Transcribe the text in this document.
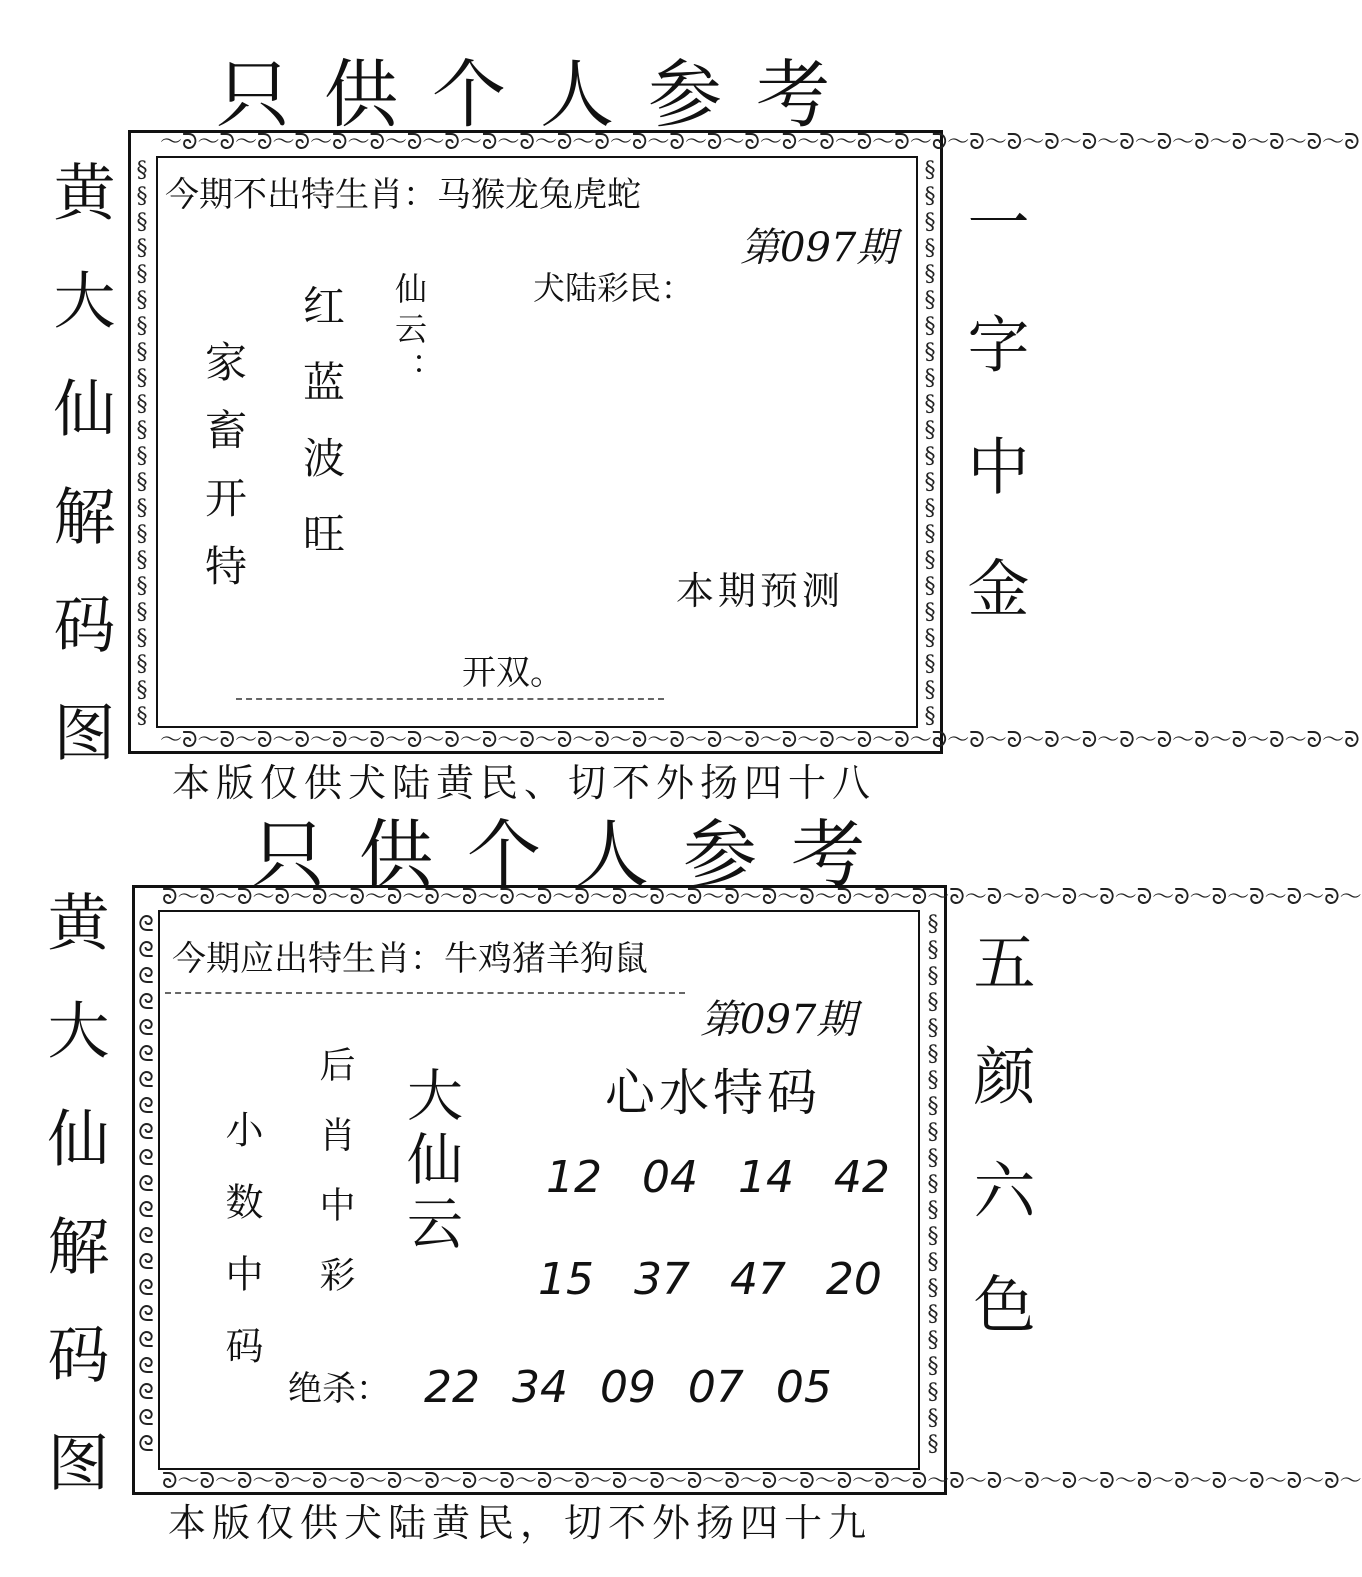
只供个人参考
黄大仙解码图	一字中金
〜ᘐ〜ᘐ〜ᘐ〜ᘐ〜ᘐ〜ᘐ〜ᘐ〜ᘐ〜ᘐ〜ᘐ〜ᘐ〜ᘐ〜ᘐ〜ᘐ〜ᘐ〜ᘐ〜ᘐ〜ᘐ〜ᘐ〜ᘐ〜ᘐ〜ᘐ〜ᘐ〜ᘐ〜ᘐ〜ᘐ〜ᘐ〜ᘐ〜ᘐ〜ᘐ〜ᘐ〜ᘐ
〜ᘐ〜ᘐ〜ᘐ〜ᘐ〜ᘐ〜ᘐ〜ᘐ〜ᘐ〜ᘐ〜ᘐ〜ᘐ〜ᘐ〜ᘐ〜ᘐ〜ᘐ〜ᘐ〜ᘐ〜ᘐ〜ᘐ〜ᘐ〜ᘐ〜ᘐ〜ᘐ〜ᘐ〜ᘐ〜ᘐ〜ᘐ〜ᘐ〜ᘐ〜ᘐ〜ᘐ〜ᘐ
§
§
§
§
§
§
§
§
§
§
§
§
§
§
§
§
§
§
§
§
§
§
§
§
§
§
§
§
§
§
§
§
§
§
§
§
§
§
§
§
§
§
§
§
今期不出特生肖：马猴龙兔虎蛇
第097期
犬陆彩民：
仙云：
红蓝波旺
家畜开特	本期预测
开双。
本版仅供犬陆黄民、切不外扬四十八
只供个人参考
黄大仙解码图	五颜六色
ᘐ〜ᘐ〜ᘐ〜ᘐ〜ᘐ〜ᘐ〜ᘐ〜ᘐ〜ᘐ〜ᘐ〜ᘐ〜ᘐ〜ᘐ〜ᘐ〜ᘐ〜ᘐ〜ᘐ〜ᘐ〜ᘐ〜ᘐ〜ᘐ〜ᘐ〜ᘐ〜ᘐ〜ᘐ〜ᘐ〜ᘐ〜ᘐ〜ᘐ〜ᘐ〜ᘐ〜ᘐ〜
ᘐ〜ᘐ〜ᘐ〜ᘐ〜ᘐ〜ᘐ〜ᘐ〜ᘐ〜ᘐ〜ᘐ〜ᘐ〜ᘐ〜ᘐ〜ᘐ〜ᘐ〜ᘐ〜ᘐ〜ᘐ〜ᘐ〜ᘐ〜ᘐ〜ᘐ〜ᘐ〜ᘐ〜ᘐ〜ᘐ〜ᘐ〜ᘐ〜ᘐ〜ᘐ〜ᘐ〜ᘐ〜
ᘓ
ᘓ
ᘓ
ᘓ
ᘓ
ᘓ
ᘓ
ᘓ
ᘓ
ᘓ
ᘓ
ᘓ
ᘓ
ᘓ
ᘓ
ᘓ
ᘓ
ᘓ
ᘓ
ᘓ
ᘓ
§
§
§
§
§
§
§
§
§
§
§
§
§
§
§
§
§
§
§
§
§
今期应出特生肖：牛鸡猪羊狗鼠
第097期
小数中码 后肖中彩 大仙云	心水特码
12 04 14 42
15 37 47 20
绝杀： 22 34 09 07 05
本版仅供犬陆黄民，切不外扬四十九
